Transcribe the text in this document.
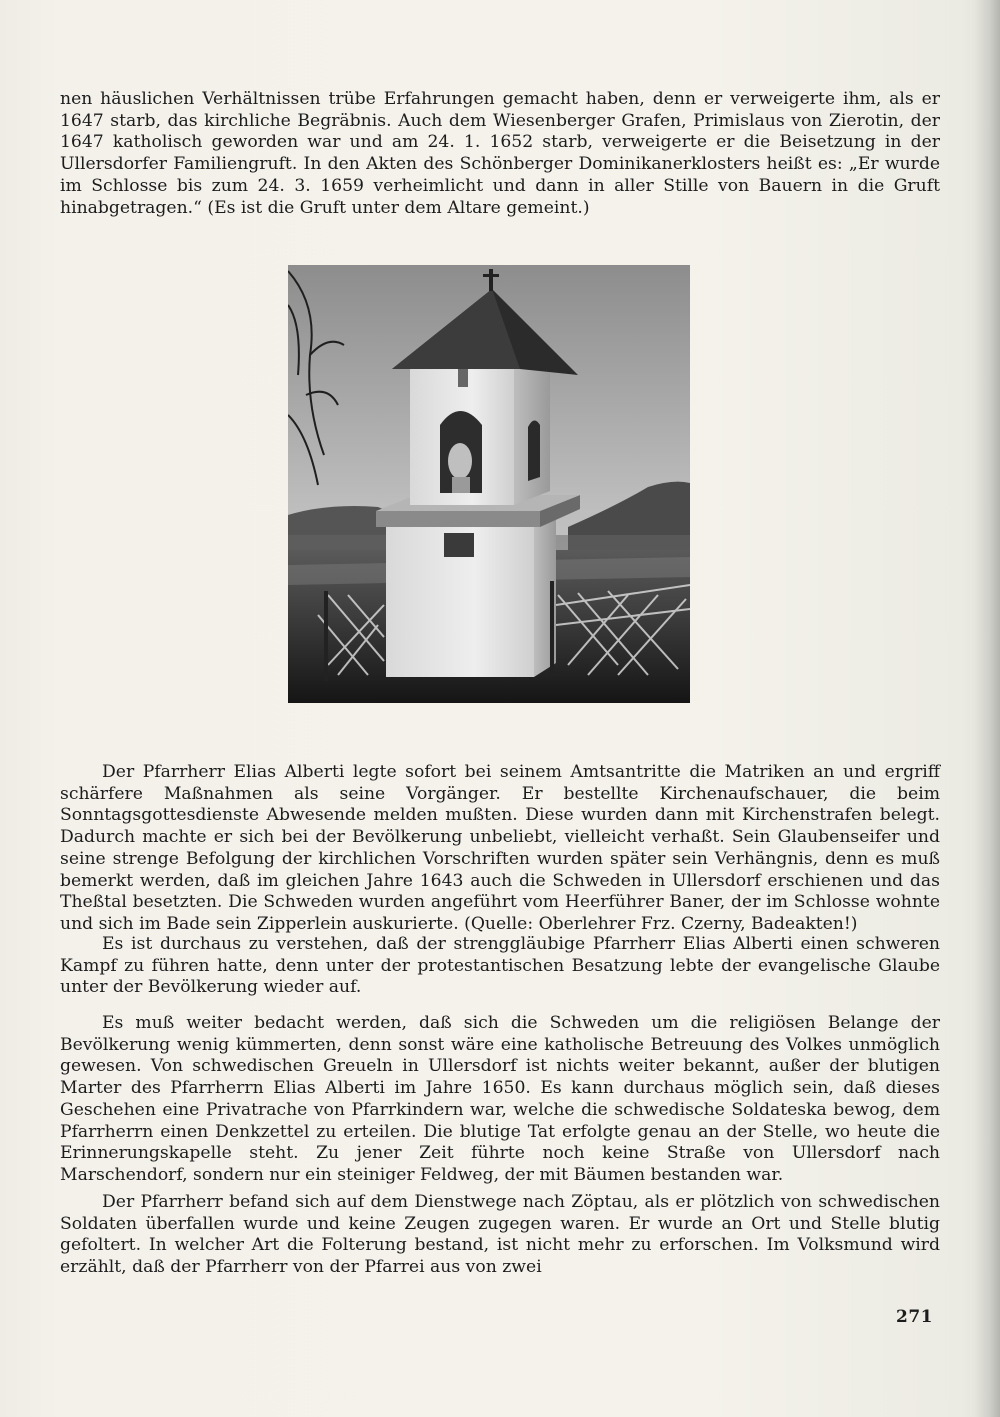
nen häuslichen Verhältnissen trübe Erfahrungen gemacht haben, denn er verweigerte ihm, als er 1647 starb, das kirchliche Begräbnis. Auch dem Wiesenberger Grafen, Primislaus von Zierotin, der 1647 katholisch geworden war und am 24. 1. 1652 starb, verweigerte er die Beisetzung in der Ullersdorfer Familiengruft. In den Akten des Schönberger Dominikanerklosters heißt es: „Er wurde im Schlosse bis zum 24. 3. 1659 verheimlicht und dann in aller Stille von Bauern in die Gruft hinabgetragen.“ (Es ist die Gruft unter dem Altare gemeint.)

Der Pfarrherr Elias Alberti legte sofort bei seinem Amtsantritte die Matriken an und ergriff schärfere Maßnahmen als seine Vorgänger. Er bestellte Kirchenaufschauer, die beim Sonntagsgottesdienste Abwesende melden mußten. Diese wurden dann mit Kirchenstrafen belegt. Dadurch machte er sich bei der Bevölkerung unbeliebt, vielleicht verhaßt. Sein Glaubenseifer und seine strenge Befolgung der kirchlichen Vorschriften wurden später sein Verhängnis, denn es muß bemerkt werden, daß im gleichen Jahre 1643 auch die Schweden in Ullersdorf erschienen und das Theßtal besetzten. Die Schweden wurden angeführt vom Heerführer Baner, der im Schlosse wohnte und sich im Bade sein Zipperlein auskurierte. (Quelle: Oberlehrer Frz. Czerny, Badeakten!)

Es ist durchaus zu verstehen, daß der strenggläubige Pfarrherr Elias Alberti einen schweren Kampf zu führen hatte, denn unter der protestantischen Besatzung lebte der evangelische Glaube unter der Bevölkerung wieder auf.

Es muß weiter bedacht werden, daß sich die Schweden um die religiösen Belange der Bevölkerung wenig kümmerten, denn sonst wäre eine katholische Betreuung des Volkes unmöglich gewesen. Von schwedischen Greueln in Ullersdorf ist nichts weiter bekannt, außer der blutigen Marter des Pfarrherrn Elias Alberti im Jahre 1650. Es kann durchaus möglich sein, daß dieses Geschehen eine Privatrache von Pfarrkindern war, welche die schwedische Soldateska bewog, dem Pfarrherrn einen Denkzettel zu erteilen. Die blutige Tat erfolgte genau an der Stelle, wo heute die Erinnerungskapelle steht. Zu jener Zeit führte noch keine Straße von Ullersdorf nach Marschendorf, sondern nur ein steiniger Feldweg, der mit Bäumen bestanden war.

Der Pfarrherr befand sich auf dem Dienstwege nach Zöptau, als er plötzlich von schwedischen Soldaten überfallen wurde und keine Zeugen zugegen waren. Er wurde an Ort und Stelle blutig gefoltert. In welcher Art die Folterung bestand, ist nicht mehr zu erforschen. Im Volksmund wird erzählt, daß der Pfarrherr von der Pfarrei aus von zwei

271
